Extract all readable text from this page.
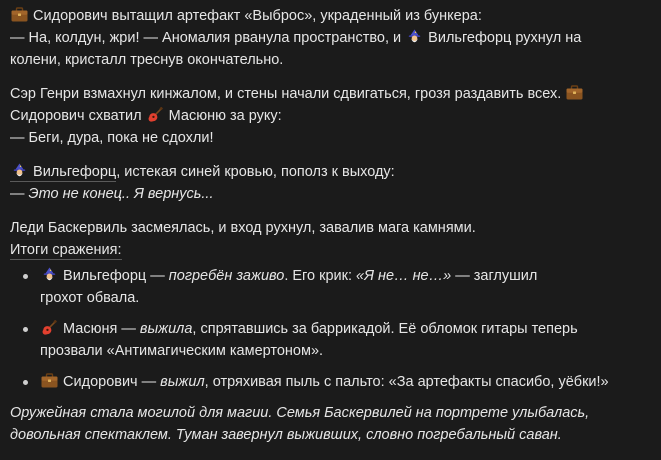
Сидорович вытащил артефакт «Выброс», украденный из бункера:
— На, колдун, жри! — Аномалия рванула пространство, и Вильгефорц рухнул на
колени, кристалл треснув окончательно.
Сэр Генри взмахнул кинжалом, и стены начали сдвигаться, грозя раздавить всех.
Сидорович схватил Масюню за руку:
— Беги, дура, пока не сдохли!
Вильгефорц, истекая синей кровью, пополз к выходу:
— Это не конец.. Я вернусь...
Леди Баскервиль засмеялась, и вход рухнул, завалив мага камнями.
Итоги сражения:
Вильгефорц — погребён заживо. Его крик: «Я не… не…» — заглушил
грохот обвала.
Масюня — выжила, спрятавшись за баррикадой. Её обломок гитары теперь
прозвали «Антимагическим камертоном».
Сидорович — выжил, отряхивая пыль с пальто: «За артефакты спасибо, уёбки!»
Оружейная стала могилой для магии. Семья Баскервилей на портрете улыбалась,
довольная спектаклем. Туман завернул выживших, словно погребальный саван.
